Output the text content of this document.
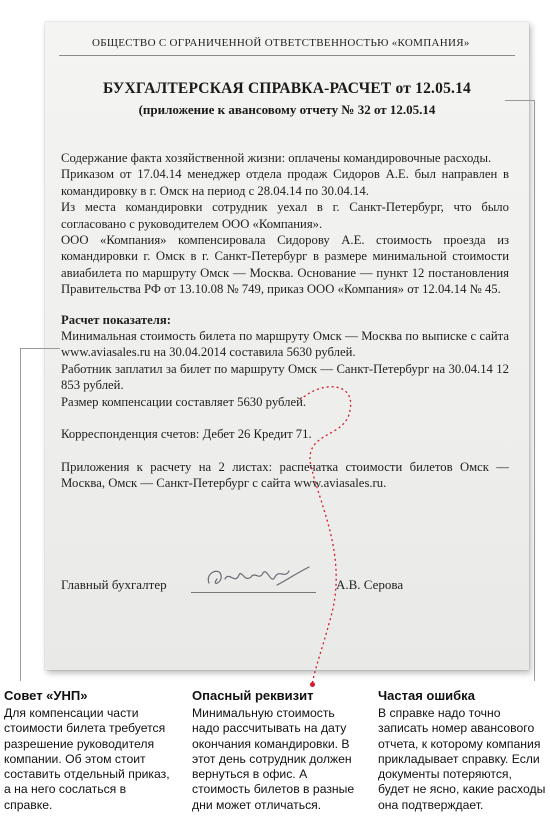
ОБЩЕСТВО С ОГРАНИЧЕННОЙ ОТВЕТСТВЕННОСТЬЮ «КОМПАНИЯ»
БУХГАЛТЕРСКАЯ СПРАВКА-РАСЧЕТ от 12.05.14
(приложение к авансовому отчету № 32 от 12.05.14

Содержание факта хозяйственной жизни: оплачены командировочные расходы.

Приказом от 17.04.14 менеджер отдела продаж Сидоров А.Е. был направлен в командировку в г. Омск на период с 28.04.14 по 30.04.14.

Из места командировки сотрудник уехал в г. Санкт-Петербург, что было согласовано с руководителем ООО «Компания».

ООО «Компания» компенсировала Сидорову А.Е. стоимость проезда из командировки г. Омск в г. Санкт-Петербург в размере минимальной стоимости авиабилета по маршруту Омск — Москва. Основание — пункт 12 постановления Правительства РФ от 13.10.08 № 749, приказ ООО «Компания» от 12.04.14 № 45.

Расчет показателя:

Минимальная стоимость билета по маршруту Омск — Москва по выписке с сайта www.aviasales.ru на 30.04.2014 составила 5630 рублей.

Работник заплатил за билет по маршруту Омск — Санкт-Петербург на 30.04.14 12 853 рублей.

Размер компенсации составляет 5630 рублей.

Корреспонденция счетов: Дебет 26 Кредит 71.

Приложения к расчету на 2 листах: распечатка стоимости билетов Омск — Москва, Омск — Санкт-Петербург с сайта www.aviasales.ru.

Главный бухгалтер	А.В. Серова
Совет «УНП»

Для компенсации части стоимости билета требуется разрешение руководителя компании. Об этом стоит составить отдельный приказ, а на него сослаться в справке.

Опасный реквизит

Минимальную стоимость надо рассчитывать на дату окончания командировки. В этот день сотрудник должен вернуться в офис. А стоимость билетов в разные дни может отличаться.

Частая ошибка

В справке надо точно записать номер авансового отчета, к которому компания прикладывает справку. Если документы потеряются, будет не ясно, какие расходы она подтверждает.
